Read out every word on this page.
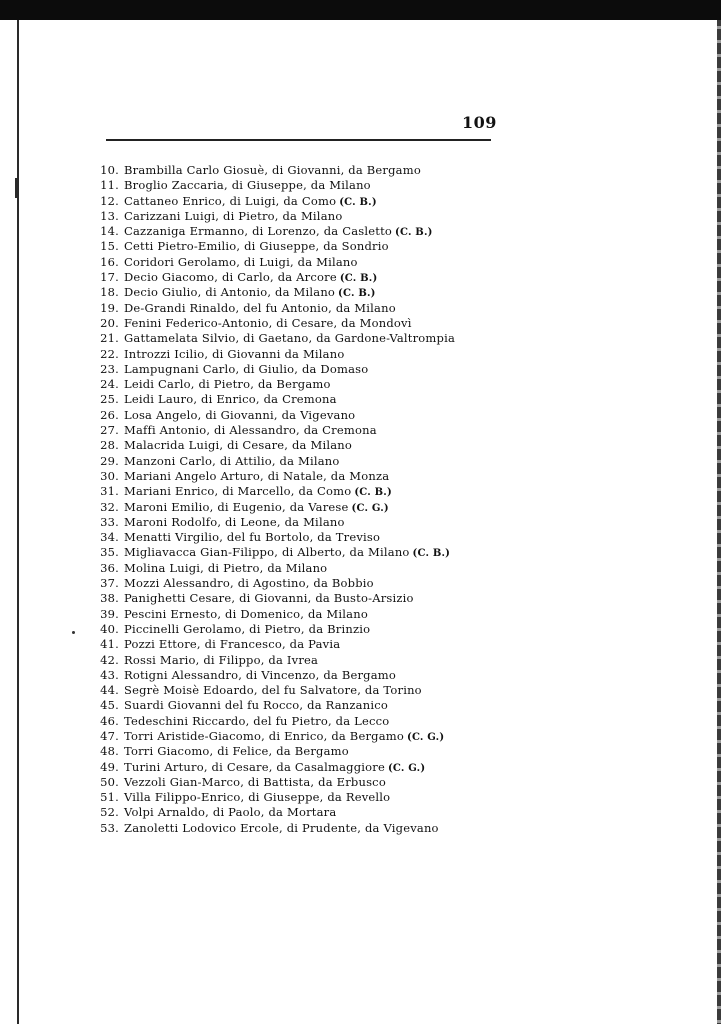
109
10. Brambilla Carlo Giosuè, di Giovanni, da Bergamo
11. Broglio Zaccaria, di Giuseppe, da Milano
12. Cattaneo Enrico, di Luigi, da Como (C. B.)
13. Carizzani Luigi, di Pietro, da Milano
14. Cazzaniga Ermanno, di Lorenzo, da Casletto (C. B.)
15. Cetti Pietro-Emilio, di Giuseppe, da Sondrio
16. Coridori Gerolamo, di Luigi, da Milano
17. Decio Giacomo, di Carlo, da Arcore (C. B.)
18. Decio Giulio, di Antonio, da Milano (C. B.)
19. De-Grandi Rinaldo, del fu Antonio, da Milano
20. Fenini Federico-Antonio, di Cesare, da Mondovì
21. Gattamelata Silvio, di Gaetano, da Gardone-Valtrompia
22. Introzzi Icilio, di Giovanni da Milano
23. Lampugnani Carlo, di Giulio, da Domaso
24. Leidi Carlo, di Pietro, da Bergamo
25. Leidi Lauro, di Enrico, da Cremona
26. Losa Angelo, di Giovanni, da Vigevano
27. Maffi Antonio, di Alessandro, da Cremona
28. Malacrida Luigi, di Cesare, da Milano
29. Manzoni Carlo, di Attilio, da Milano
30. Mariani Angelo Arturo, di Natale, da Monza
31. Mariani Enrico, di Marcello, da Como (C. B.)
32. Maroni Emilio, di Eugenio, da Varese (C. G.)
33. Maroni Rodolfo, di Leone, da Milano
34. Menatti Virgilio, del fu Bortolo, da Treviso
35. Migliavacca Gian-Filippo, di Alberto, da Milano (C. B.)
36. Molina Luigi, di Pietro, da Milano
37. Mozzi Alessandro, di Agostino, da Bobbio
38. Panighetti Cesare, di Giovanni, da Busto-Arsizio
39. Pescini Ernesto, di Domenico, da Milano
40. Piccinelli Gerolamo, di Pietro, da Brinzio
41. Pozzi Ettore, di Francesco, da Pavia
42. Rossi Mario, di Filippo, da Ivrea
43. Rotigni Alessandro, di Vincenzo, da Bergamo
44. Segrè Moisè Edoardo, del fu Salvatore, da Torino
45. Suardi Giovanni del fu Rocco, da Ranzanico
46. Tedeschini Riccardo, del fu Pietro, da Lecco
47. Torri Aristide-Giacomo, di Enrico, da Bergamo (C. G.)
48. Torri Giacomo, di Felice, da Bergamo
49. Turini Arturo, di Cesare, da Casalmaggiore (C. G.)
50. Vezzoli Gian-Marco, di Battista, da Erbusco
51. Villa Filippo-Enrico, di Giuseppe, da Revello
52. Volpi Arnaldo, di Paolo, da Mortara
53. Zanoletti Lodovico Ercole, di Prudente, da Vigevano
